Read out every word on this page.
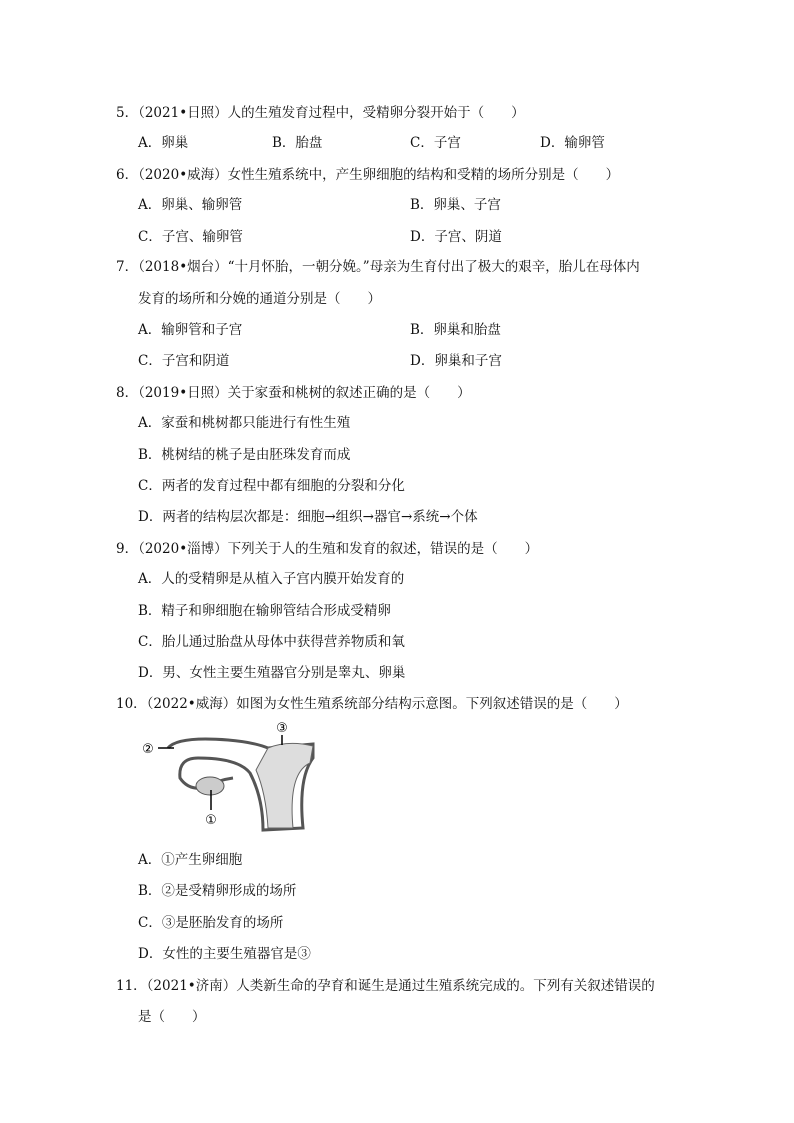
5．（2021•日照）人的生殖发育过程中，受精卵分裂开始于（　　）
A．卵巢	B．胎盘	C．子宫	D．输卵管
6．（2020•威海）女性生殖系统中，产生卵细胞的结构和受精的场所分别是（　　）
A．卵巢、输卵管	B．卵巢、子宫
C．子宫、输卵管	D．子宫、阴道
7．（2018•烟台）“十月怀胎，一朝分娩。”母亲为生育付出了极大的艰辛，胎儿在母体内
发育的场所和分娩的通道分别是（　　）
A．输卵管和子宫	B．卵巢和胎盘
C．子宫和阴道	D．卵巢和子宫
8．（2019•日照）关于家蚕和桃树的叙述正确的是（　　）
A．家蚕和桃树都只能进行有性生殖
B．桃树结的桃子是由胚珠发育而成
C．两者的发育过程中都有细胞的分裂和分化
D．两者的结构层次都是：细胞→组织→器官→系统→个体
9．（2020•淄博）下列关于人的生殖和发育的叙述，错误的是（　　）
A．人的受精卵是从植入子宫内膜开始发育的
B．精子和卵细胞在输卵管结合形成受精卵
C．胎儿通过胎盘从母体中获得营养物质和氧
D．男、女性主要生殖器官分别是睾丸、卵巢
10．（2022•威海）如图为女性生殖系统部分结构示意图。下列叙述错误的是（　　）
①
②
③
A．①产生卵细胞
B．②是受精卵形成的场所
C．③是胚胎发育的场所
D．女性的主要生殖器官是③
11．（2021•济南）人类新生命的孕育和诞生是通过生殖系统完成的。下列有关叙述错误的
是（　　）
